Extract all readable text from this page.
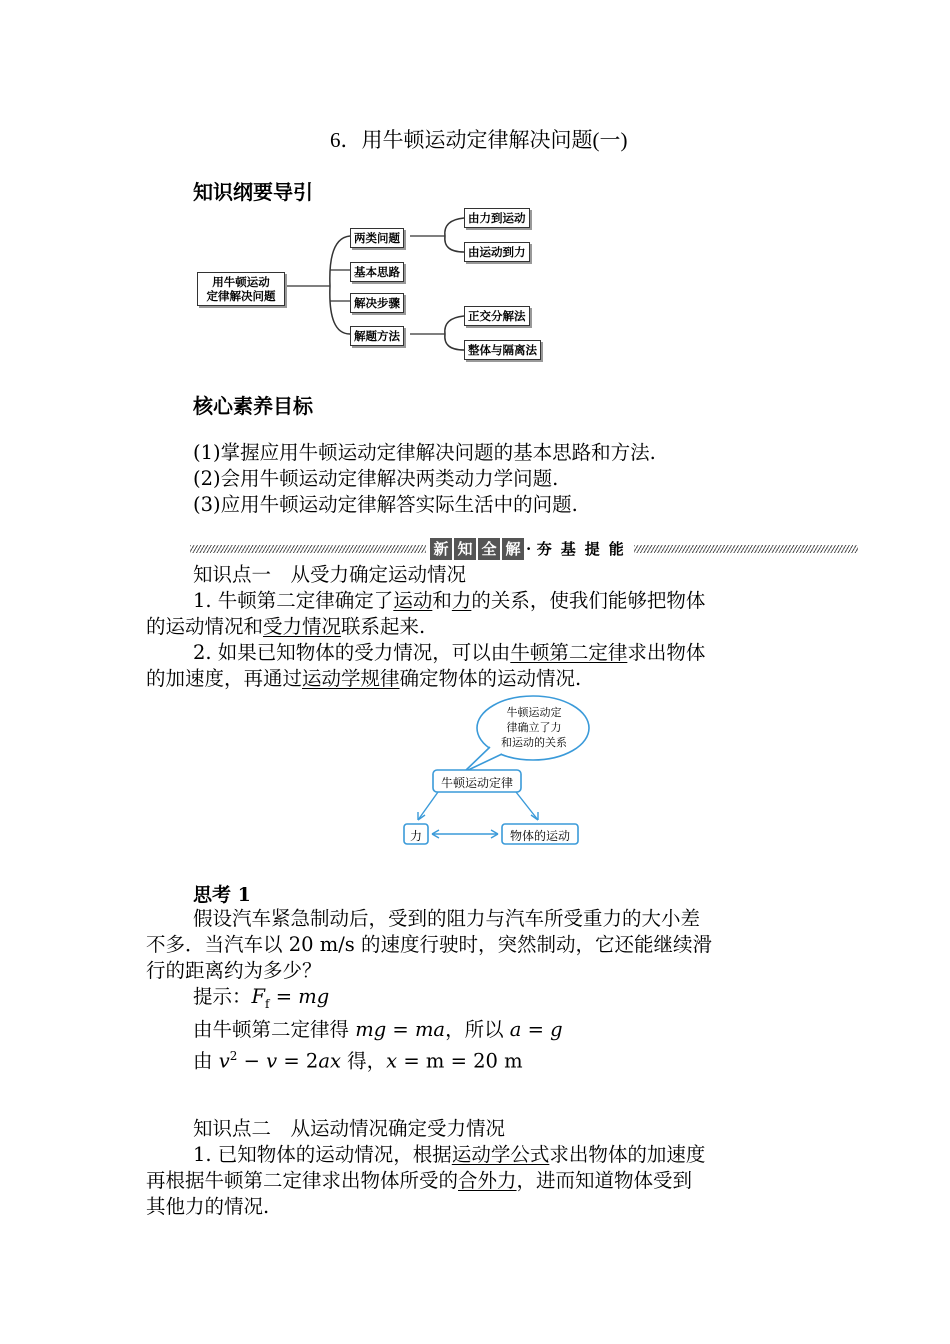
6．用牛顿运动定律解决问题(一)
知识纲要导引
用牛顿运动
定律解决问题
两类问题
基本思路
解决步骤
解题方法
由力到运动
由运动到力
正交分解法
整体与隔离法
核心素养目标
(1)掌握应用牛顿运动定律解决问题的基本思路和方法.
(2)会用牛顿运动定律解决两类动力学问题.
(3)应用牛顿运动定律解答实际生活中的问题.
新 知 全 解 · 夯 基 提 能
知识点一　从受力确定运动情况
1. 牛顿第二定律确定了运动和力的关系，使我们能够把物体
的运动情况和受力情况联系起来.
2. 如果已知物体的受力情况，可以由牛顿第二定律求出物体
的加速度，再通过运动学规律确定物体的运动情况.
牛顿运动定
律确立了力
和运动的关系
牛顿运动定律
力	物体的运动
思考 1
假设汽车紧急制动后，受到的阻力与汽车所受重力的大小差
不多．当汽车以 20 m/s 的速度行驶时，突然制动，它还能继续滑
行的距离约为多少？
提示：$F_f$ = mg
由牛顿第二定律得 mg = ma，所以 a = g
由 $v^2 - v = 2ax$ 得，x = m = 20 m
知识点二　从运动情况确定受力情况
1. 已知物体的运动情况，根据运动学公式求出物体的加速度
再根据牛顿第二定律求出物体所受的合外力，进而知道物体受到
其他力的情况.
